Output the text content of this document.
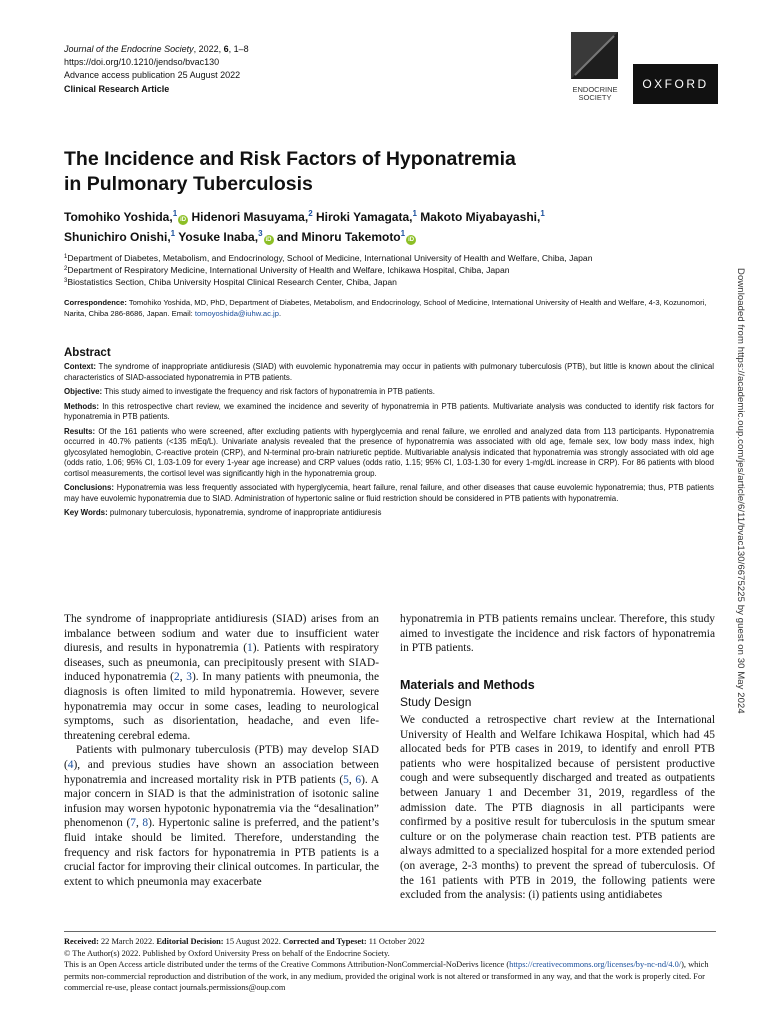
Journal of the Endocrine Society, 2022, 6, 1–8
https://doi.org/10.1210/jendso/bvac130
Advance access publication 25 August 2022
Clinical Research Article	ENDOCRINE
SOCIETY
OXFORD
The Incidence and Risk Factors of Hyponatremia
in Pulmonary Tuberculosis
Tomohiko Yoshida,$^1$iD Hidenori Masuyama,$^2$ Hiroki Yamagata,$^1$ Makoto Miyabayashi,$^1$
Shunichiro Onishi,$^1$ Yosuke Inaba,$^3$iD and Minoru Takemoto$^1$iD
$^1$Department of Diabetes, Metabolism, and Endocrinology, School of Medicine, International University of Health and Welfare, Chiba, Japan
$^2$Department of Respiratory Medicine, International University of Health and Welfare, Ichikawa Hospital, Chiba, Japan
$^3$Biostatistics Section, Chiba University Hospital Clinical Research Center, Chiba, Japan
Correspondence: Tomohiko Yoshida, MD, PhD, Department of Diabetes, Metabolism, and Endocrinology, School of Medicine, International University of Health and Welfare, 4-3, Kozunomori, Narita, Chiba 286-8686, Japan. Email: tomoyoshida@iuhw.ac.jp.	Downloaded from https://academic.oup.com/jes/article/6/11/bvac130/6675225 by guest on 30 May 2024
Abstract

Context: The syndrome of inappropriate antidiuresis (SIAD) with euvolemic hyponatremia may occur in patients with pulmonary tuberculosis (PTB), but little is known about the clinical characteristics of SIAD-associated hyponatremia in PTB patients.

Objective: This study aimed to investigate the frequency and risk factors of hyponatremia in PTB patients.

Methods: In this retrospective chart review, we examined the incidence and severity of hyponatremia in PTB patients. Multivariate analysis was conducted to identify risk factors for hyponatremia in PTB patients.

Results: Of the 161 patients who were screened, after excluding patients with hyperglycemia and renal failure, we enrolled and analyzed data from 113 participants. Hyponatremia occurred in 40.7% patients (<135 mEq/L). Univariate analysis revealed that the presence of hyponatremia was associated with old age, female sex, low body mass index, high glycosylated hemoglobin, C-reactive protein (CRP), and N-terminal pro-brain natriuretic peptide. Multivariable analysis indicated that hyponatremia was strongly associated with old age (odds ratio, 1.06; 95% CI, 1.03-1.09 for every 1-year age increase) and CRP values (odds ratio, 1.15; 95% CI, 1.03-1.30 for every 1-mg/dL increase in CRP). For 86 patients with blood cortisol measurements, the cortisol level was significantly high in the hyponatremia group.

Conclusions: Hyponatremia was less frequently associated with hyperglycemia, heart failure, renal failure, and other diseases that cause euvolemic hyponatremia; thus, PTB patients may have euvolemic hyponatremia due to SIAD. Administration of hypertonic saline or fluid restriction should be considered in PTB patients with hyponatremia.

Key Words: pulmonary tuberculosis, hyponatremia, syndrome of inappropriate antidiuresis

The syndrome of inappropriate antidiuresis (SIAD) arises from an imbalance between sodium and water due to insufficient water diuresis, and results in hyponatremia (1). Patients with respiratory diseases, such as pneumonia, can precipitously present with SIAD-induced hyponatremia (2, 3). In many patients with pneumonia, the diagnosis is often limited to mild hyponatremia. However, severe hyponatremia may occur in some cases, leading to neurological symptoms, such as disorientation, headache, and even life-threatening cerebral edema.

Patients with pulmonary tuberculosis (PTB) may develop SIAD (4), and previous studies have shown an association between hyponatremia and increased mortality risk in PTB patients (5, 6). A major concern in SIAD is that the administration of isotonic saline infusion may worsen hypotonic hyponatremia via the “desalination” phenomenon (7, 8). Hypertonic saline is preferred, and the patient’s fluid intake should be limited. Therefore, understanding the frequency and risk factors for hyponatremia in PTB patients is a crucial factor for improving their clinical outcomes. In particular, the extent to which pneumonia may exacerbate

hyponatremia in PTB patients remains unclear. Therefore, this study aimed to investigate the incidence and risk factors of hyponatremia in PTB patients.

Materials and Methods
Study Design

We conducted a retrospective chart review at the International University of Health and Welfare Ichikawa Hospital, which had 45 allocated beds for PTB cases in 2019, to identify and enroll PTB patients who were hospitalized because of persistent productive cough and were subsequently discharged and treated as outpatients between January 1 and December 31, 2019, regardless of the admission date. The PTB diagnosis in all participants were confirmed by a positive result for tuberculosis in the sputum smear culture or on the polymerase chain reaction test. PTB patients are always admitted to a specialized hospital for a more extended period (on average, 2-3 months) to prevent the spread of tuberculosis. Of the 161 patients with PTB in 2019, the following patients were excluded from the analysis: (i) patients using antidiabetes

Received: 22 March 2022. Editorial Decision: 15 August 2022. Corrected and Typeset: 11 October 2022
© The Author(s) 2022. Published by Oxford University Press on behalf of the Endocrine Society.
This is an Open Access article distributed under the terms of the Creative Commons Attribution-NonCommercial-NoDerivs licence (https://creativecommons.org/licenses/by-nc-nd/4.0/), which permits non-commercial reproduction and distribution of the work, in any medium, provided the original work is not altered or transformed in any way, and that the work is properly cited. For commercial re-use, please contact journals.permissions@oup.com
